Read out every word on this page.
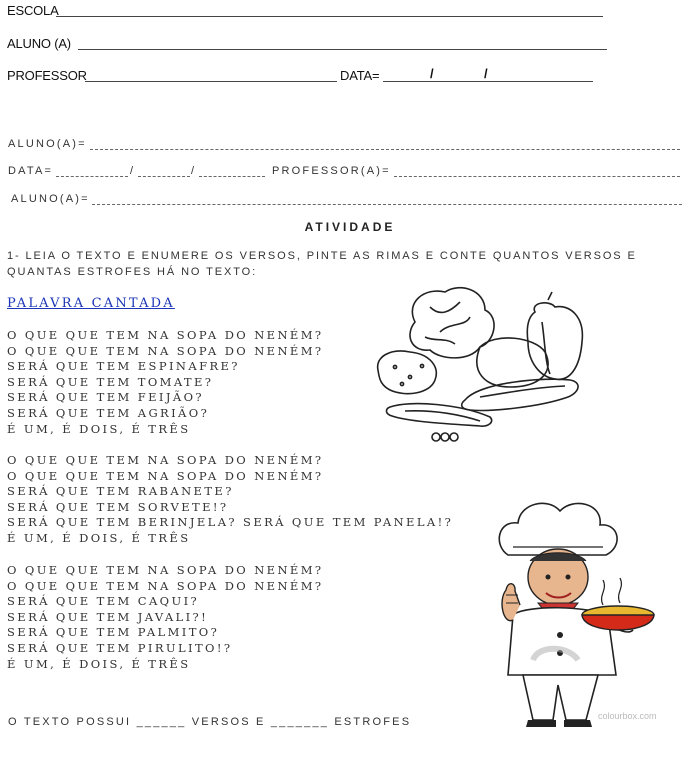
ESCOLA
ALUNO (A)
PROFESSOR	DATA=	/	/
ALUNO(A)=
DATA=	/	/	PROFESSOR(A)=
ALUNO(A)=
ATIVIDADE
1- LEIA O TEXTO E ENUMERE OS VERSOS, PINTE AS RIMAS E CONTE QUANTOS VERSOS E
QUANTAS ESTROFES HÁ NO TEXTO:
PALAVRA CANTADA
O QUE QUE TEM NA SOPA DO NENÉM?
O QUE QUE TEM NA SOPA DO NENÉM?
SERÁ QUE TEM ESPINAFRE?
SERÁ QUE TEM TOMATE?
SERÁ QUE TEM FEIJÃO?
SERÁ QUE TEM AGRIÃO?
É UM, É DOIS, É TRÊS
O QUE QUE TEM NA SOPA DO NENÉM?
O QUE QUE TEM NA SOPA DO NENÉM?
SERÁ QUE TEM RABANETE?
SERÁ QUE TEM SORVETE!?
SERÁ QUE TEM BERINJELA? SERÁ QUE TEM PANELA!?
É UM, É DOIS, É TRÊS
O QUE QUE TEM NA SOPA DO NENÉM?
O QUE QUE TEM NA SOPA DO NENÉM?
SERÁ QUE TEM CAQUI?
SERÁ QUE TEM JAVALI?!
SERÁ QUE TEM PALMITO?
SERÁ QUE TEM PIRULITO!?
É UM, É DOIS, É TRÊS
colourbox.com
O TEXTO POSSUI ______ VERSOS E _______ ESTROFES
